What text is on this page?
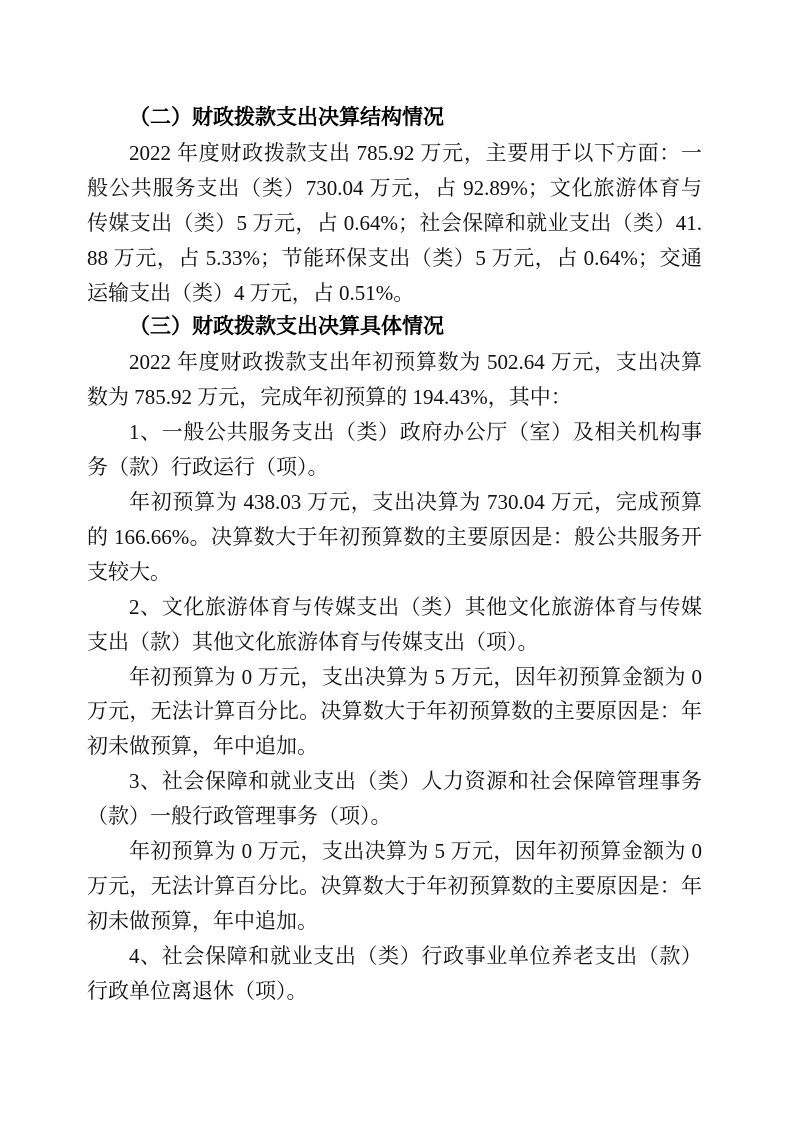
（二）财政拨款支出决算结构情况

2022 年度财政拨款支出 785.92 万元，主要用于以下方面：一般公共服务支出（类）730.04 万元，占 92.89%；文化旅游体育与传媒支出（类）5 万元，占 0.64%；社会保障和就业支出（类）41.88 万元，占 5.33%；节能环保支出（类）5 万元，占 0.64%；交通运输支出（类）4 万元，占 0.51%。

（三）财政拨款支出决算具体情况

2022 年度财政拨款支出年初预算数为 502.64 万元，支出决算数为 785.92 万元，完成年初预算的 194.43%，其中：

1、一般公共服务支出（类）政府办公厅（室）及相关机构事务（款）行政运行（项）。

年初预算为 438.03 万元，支出决算为 730.04 万元，完成预算的 166.66%。决算数大于年初预算数的主要原因是：般公共服务开支较大。

2、文化旅游体育与传媒支出（类）其他文化旅游体育与传媒支出（款）其他文化旅游体育与传媒支出（项）。

年初预算为 0 万元，支出决算为 5 万元，因年初预算金额为 0 万元，无法计算百分比。决算数大于年初预算数的主要原因是：年初未做预算，年中追加。

3、社会保障和就业支出（类）人力资源和社会保障管理事务（款）一般行政管理事务（项）。

年初预算为 0 万元，支出决算为 5 万元，因年初预算金额为 0 万元，无法计算百分比。决算数大于年初预算数的主要原因是：年初未做预算，年中追加。

4、社会保障和就业支出（类）行政事业单位养老支出（款）行政单位离退休（项）。
